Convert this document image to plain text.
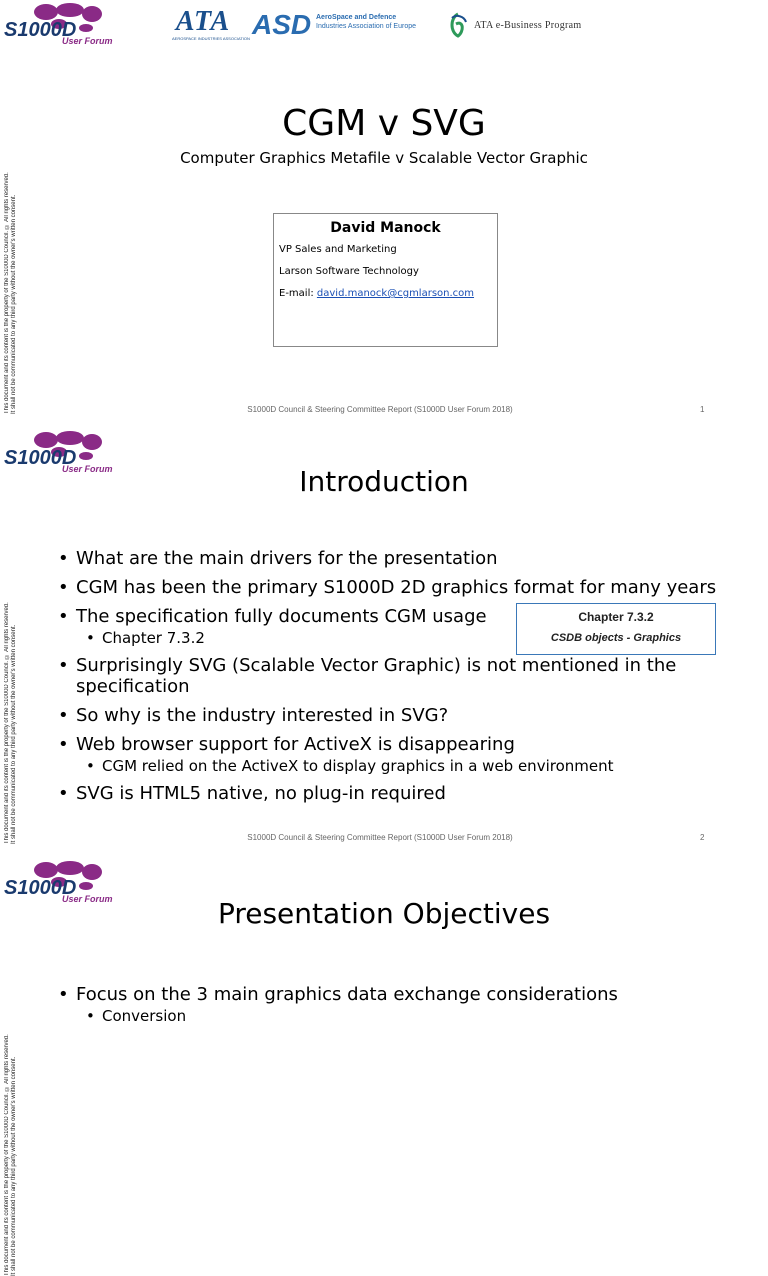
S1000D
User Forum
ATA
AEROSPACE INDUSTRIES ASSOCIATION ASD AeroSpace and Defence
Industries Association of Europe	ATA e-Business Program
This document and its content is the property of the S1000D Council. © All rights reserved. It shall not be communicated to any third party without the owner's written consent.
CGM v SVG
Computer Graphics Metafile v Scalable Vector Graphic
David Manock
VP Sales and Marketing
Larson Software Technology
E-mail: david.manock@cgmlarson.com
S1000D Council & Steering Committee Report (S1000D User Forum 2018)	1
S1000D
User Forum
This document and its content is the property of the S1000D Council. © All rights reserved. It shall not be communicated to any third party without the owner's written consent.
Introduction
• What are the main drivers for the presentation
• CGM has been the primary S1000D 2D graphics format for many years
• The specification fully documents CGM usage
• Chapter 7.3.2
• Surprisingly SVG (Scalable Vector Graphic) is not mentioned in the specification
• So why is the industry interested in SVG?
• Web browser support for ActiveX is disappearing
• CGM relied on the ActiveX to display graphics in a web environment
• SVG is HTML5 native, no plug-in required
Chapter 7.3.2
CSDB objects - Graphics
S1000D Council & Steering Committee Report (S1000D User Forum 2018)	2
S1000D
User Forum
This document and its content is the property of the S1000D Council. © All rights reserved. It shall not be communicated to any third party without the owner's written consent.
Presentation Objectives
• Focus on the 3 main graphics data exchange considerations
• Conversion
